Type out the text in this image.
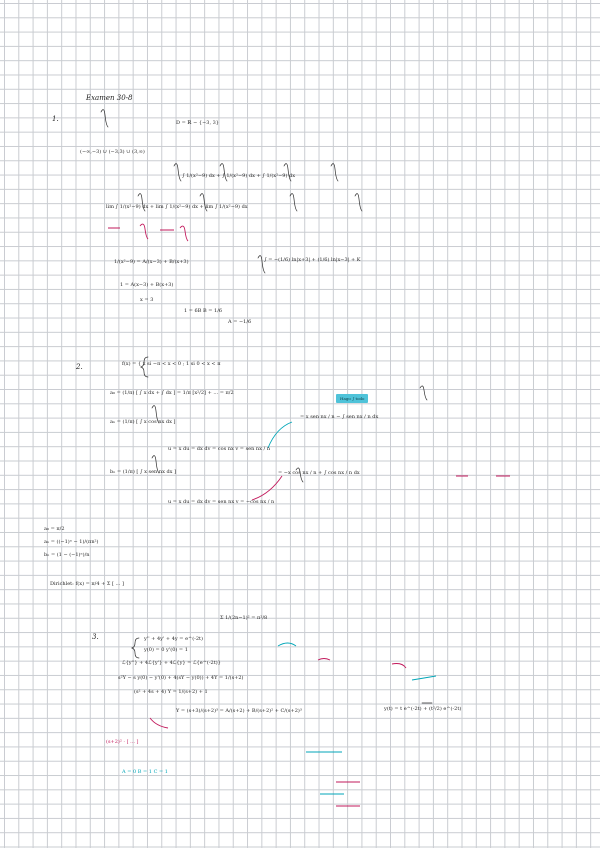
Examen 30-8
1.	D = ℝ − {−3, 3}
(−∞,−3) ∪ (−3,3) ∪ (3,∞)
∫ 1/(x²−9) dx + ∫ 1/(x²−9) dx + ∫ 1/(x²−9) dx
lim ∫ 1/(x²−9) dx + lim ∫ 1/(x²−9) dx + lim ∫ 1/(x²−9) dx
1/(x²−9) = A/(x−3) + B/(x+3)	∫ = −(1/6) ln|x+3| + (1/6) ln|x−3| + K
1 = A(x−3) + B(x+3)
x = 3
1 = 6B B = 1/6
A = −1/6
2.	f(x) = { x si −π < x < 0 ; 1 si 0 < x < π
Hago ∫ todo
a₀ = (1/π) [ ∫ x dx + ∫ dx ] = 1/π [x²/2] + ... = π/2
aₙ = (1/π) [ ∫ x cos nx dx ]
u = x du = dx dv = cos nx v = sen nx / n
bₙ = (1/π) [ ∫ x sen nx dx ]
u = x du = dx dv = sen nx v = −cos nx / n
= x sen nx / n − ∫ sen nx / n dx
= −x cos nx / n + ∫ cos nx / n dx
a₀ = π/2
aₙ = ((−1)ⁿ − 1)/(πn²)
bₙ = (1 − (−1)ⁿ)/n
Dirichlet: f(x) = π/4 + Σ [ ... ]
Σ 1/(2n−1)² = π²/8
3.	y'' + 4y' + 4y = e^(-2t)
y(0) = 0 y'(0) = 1
ℒ{y''} + 4ℒ{y'} + 4ℒ{y} = ℒ{e^(-2t)}
s²Y − s y(0) − y'(0) + 4(sY − y(0)) + 4Y = 1/(s+2)
(s² + 4s + 4) Y = 1/(s+2) + 1
Y = (s+3)/(s+2)³ = A/(s+2) + B/(s+2)² + C/(s+2)³	y(t) = t e^(-2t) + (t²/2) e^(-2t)
(s+2)² · [ ... ]
A = 0 B = 1 C = 1
